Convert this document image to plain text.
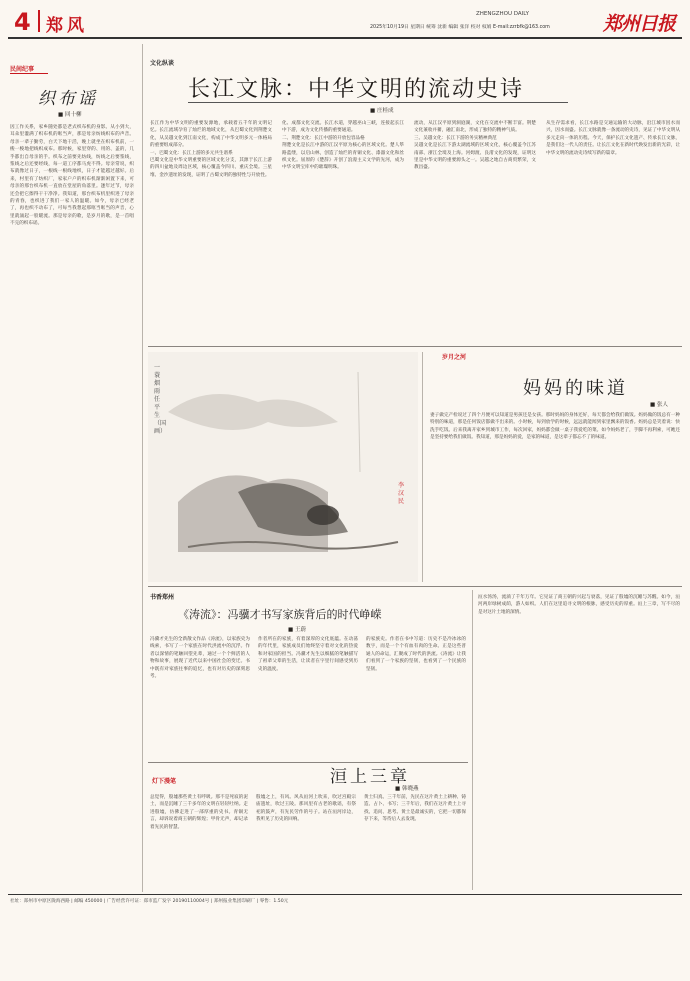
4 郑风
ZHENGZHOU DAILY
2025年10月19日 星期日 统筹 沈新 编辑 张洋 校对 权娟 E-mail:zzrbfk@163.com	郑州日报
民间纪事
织布谣
■ 回十柳
因工作关系，家乡随处都是老式织布机的身影。从小到大，耳朵里灌满了织布机的哐当声，那是母亲纺线织布的声音。母亲一辈子勤劳，白天下地干活，晚上就坐在织布机前，一梭一梭地把线织成布。那时候，家里穿的、用的、盖的，几乎都出自母亲的手。织布之前要先纺线，纺线之后要浆线，浆线之后还要经线，每一道工序都马虎不得。母亲常说，织布就像过日子，一根线一根线地织，日子才能越过越好。后来，村里有了纺织厂，家家户户的织布机渐渐闲置下来，可母亲的那台织布机一直放在堂屋的角落里。逢年过节，母亲还会把它擦得干干净净。我知道，那台织布机里织进了母亲的青春，也织进了我们一家人的温暖。如今，母亲已经老了，再也织不动布了，可每当我想起那哐当哐当的声音，心里就涌起一股暖流。那是母亲的歌，是岁月的歌，是一首唱不完的织布谣。
文化纵谈
长江文脉：中华文明的流动史诗
■ 庄桂成
长江作为中华文明的重要发源地，承载着五千年的文明记忆。长江流域孕育了灿烂的地域文化，从巴蜀文化到荆楚文化，从吴越文化到江南文化，构成了中华文明多元一体格局的重要组成部分。
一、巴蜀文化：长江上游的多元共生谱系
巴蜀文化是中华文明重要的区域文化分支，其源于长江上游的四川盆地及周边区域，核心覆盖今四川、重庆全境。三星堆、金沙遗址的发现，证明了古蜀文明的独特性与开放性。
化、成都文化交流。长江水道，穿越巫山三峡，连接起长江中下游，成为文化传播的重要通道。
二、荆楚文化：长江中游的开放包容品格
荆楚文化是长江中游的江汉平原为核心的区域文化。楚人筚路蓝缕，以启山林，创造了灿烂的青铜文化、漆器文化和丝织文化。屈原的《楚辞》开创了浪漫主义文学的先河，成为中华文明宝库中的璀璨明珠。
流动，从江汉平原到洞庭湖，文化在交流中不断丰富。荆楚文化兼收并蓄，融汇南北，形成了独特的精神气质。
三、吴越文化：长江下游的务实精神典范
吴越文化是长江下游太湖流域的区域文化，核心覆盖今江苏南部、浙江全境及上海。河姆渡、良渚文化的发现，证明这里是中华文明的重要源头之一。吴越之地自古商贸繁荣，文教昌盛。
从生存需求看，长江水路是交通运输的大动脉，沿江城市因水而兴，因水而盛。长江文脉就像一条流动的史诗，见证了中华文明从多元走向一体的历程。今天，保护长江文化遗产、传承长江文脉，是我们这一代人的责任。让长江文化在新时代焕发出新的光彩，让中华文明的流动史诗续写新的篇章。
一蓑烟雨任平生（国画）
李汉民
岁月之河
妈妈的味道
■ 张人
妻子做完产检说过了四个月便可以知道是男孩还是女孩。那时妈妈的身体还好，每天都会给我们做饭。妈妈做的饭总有一种特别的味道，那是任何饭店都做不出来的。小时候，每到放学的时候，远远就能闻到家里飘来的饭香。妈妈总是笑着说：快洗手吃饭。后来我离开家乡到城市工作，每次回家，妈妈都会做一桌子我爱吃的菜。如今妈妈老了，手脚不再利索，可她还是坚持要给我们做饭。我知道，那是妈妈的爱，是家的味道，是这辈子都忘不了的味道。
书香郑州
《涛流》：冯骥才书写家族背后的时代峥嵘
■ 王蔚
冯骥才先生的全新散文作品《涛流》，以家族史为线索，书写了一个家族在时代洪流中的沉浮。作者以深情的笔触回望先辈，通过一个个鲜活的人物和故事，展现了近代以来中国社会的变迁。书中既有对家族往事的追忆，也有对历史的深刻思考。
作者所在的家族，有着深厚的文化底蕴。在动荡的年代里，家族成员们始终坚守着对文化的热爱和对家国的担当。冯骥才先生以细腻的笔触描写了祖辈父辈的生活，让读者在字里行间感受到历史的温度。
的家族史。作者在书中写道：历史不是冷冰冰的数字，而是一个个有血有肉的生命。正是这些普通人的命运，汇聚成了时代的洪流。《涛流》让我们看到了一个家族的坚韧，也看到了一个民族的坚韧。
灯下漫笔	洹上三章
■ 韩晓燕
总觉得，殷墟那些黄土有呼吸。那不是死寂的泥土，而是沉睡了三千多年的文明在轻轻吐纳。走进殷墟，仿佛走进了一部厚重的史书。青铜无言，却诉说着商王朝的辉煌；甲骨无声，却记录着先民的智慧。
殷墟之上，有风。风从洹河上吹来，吹过宫殿宗庙遗址，吹过王陵。那风里有古老的歌谣，有祭祀的鼓声，有先民劳作的号子。站在洹河岸边，我听见了历史的回响。
黄土归真。三千年前，先民在这片黄土上耕种、铸造、占卜、书写；三千年后，我们在这片黄土上寻找、追问、思考。黄土是最诚实的，它把一切都保存下来，等待后人去发现。
洹水汤汤，流淌了千年万年。它见证了商王朝的兴起与衰落，见证了殷墟的沉睡与苏醒。如今，洹河两岸绿树成荫，游人如织。人们在这里追寻文明的根脉，感受历史的厚重。洹上三章，写不尽的是对这片土地的深情。
社址：郑州市中原区陇海西路 | 邮编 450000 | 广告经营许可证：郑市监广发字 20190110004号 | 郑州报业集团印刷厂 | 零售：1.50元
